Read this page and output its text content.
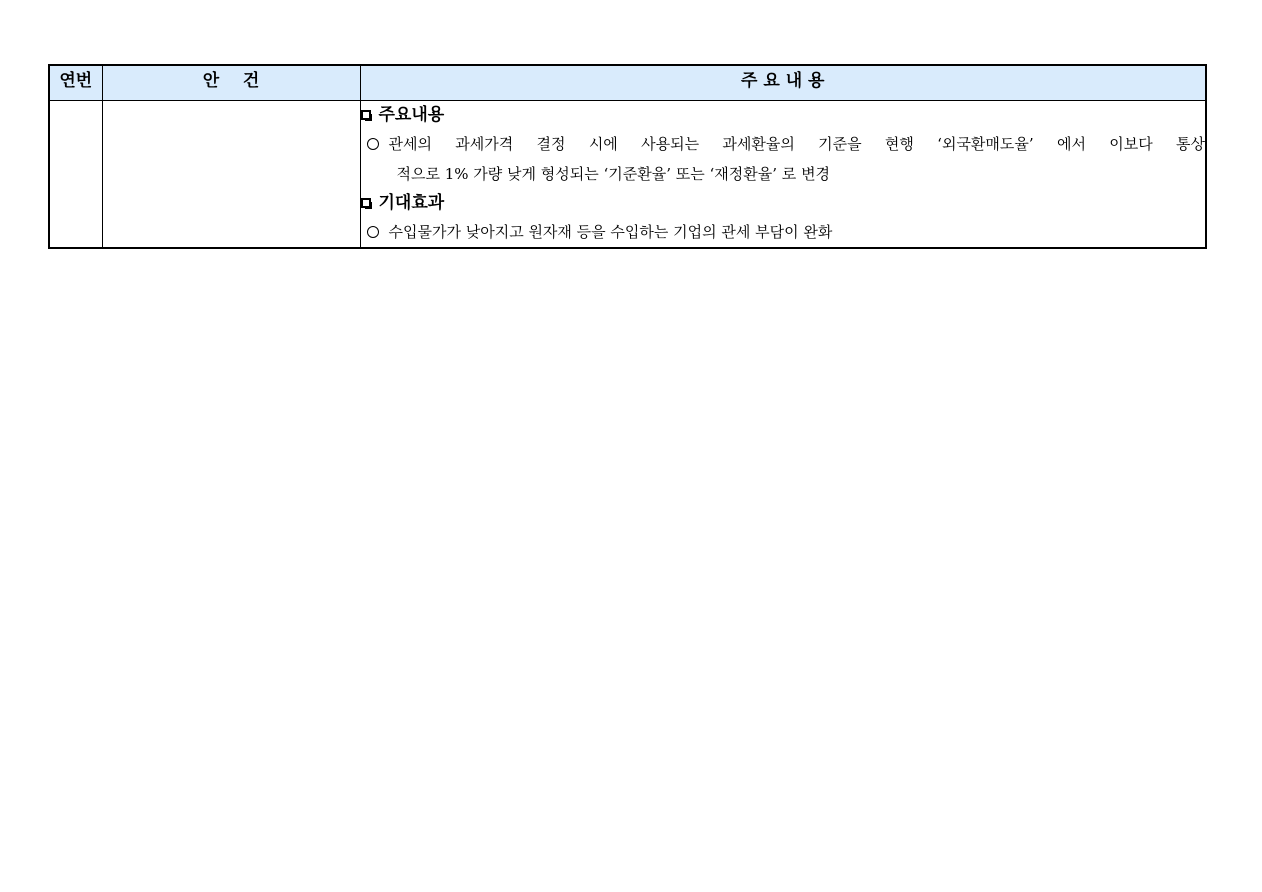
연번	안    건	주 요 내 용

		주요내용
관세의 과세가격 결정 시에 사용되는 과세환율의 기준을 현행 ‘외국환매도율’ 에서 이보다 통상
적으로 1% 가량 낮게 형성되는 ‘기준환율’ 또는 ‘재정환율’ 로 변경
기대효과
수입물가가 낮아지고 원자재 등을 수입하는 기업의 관세 부담이 완화
